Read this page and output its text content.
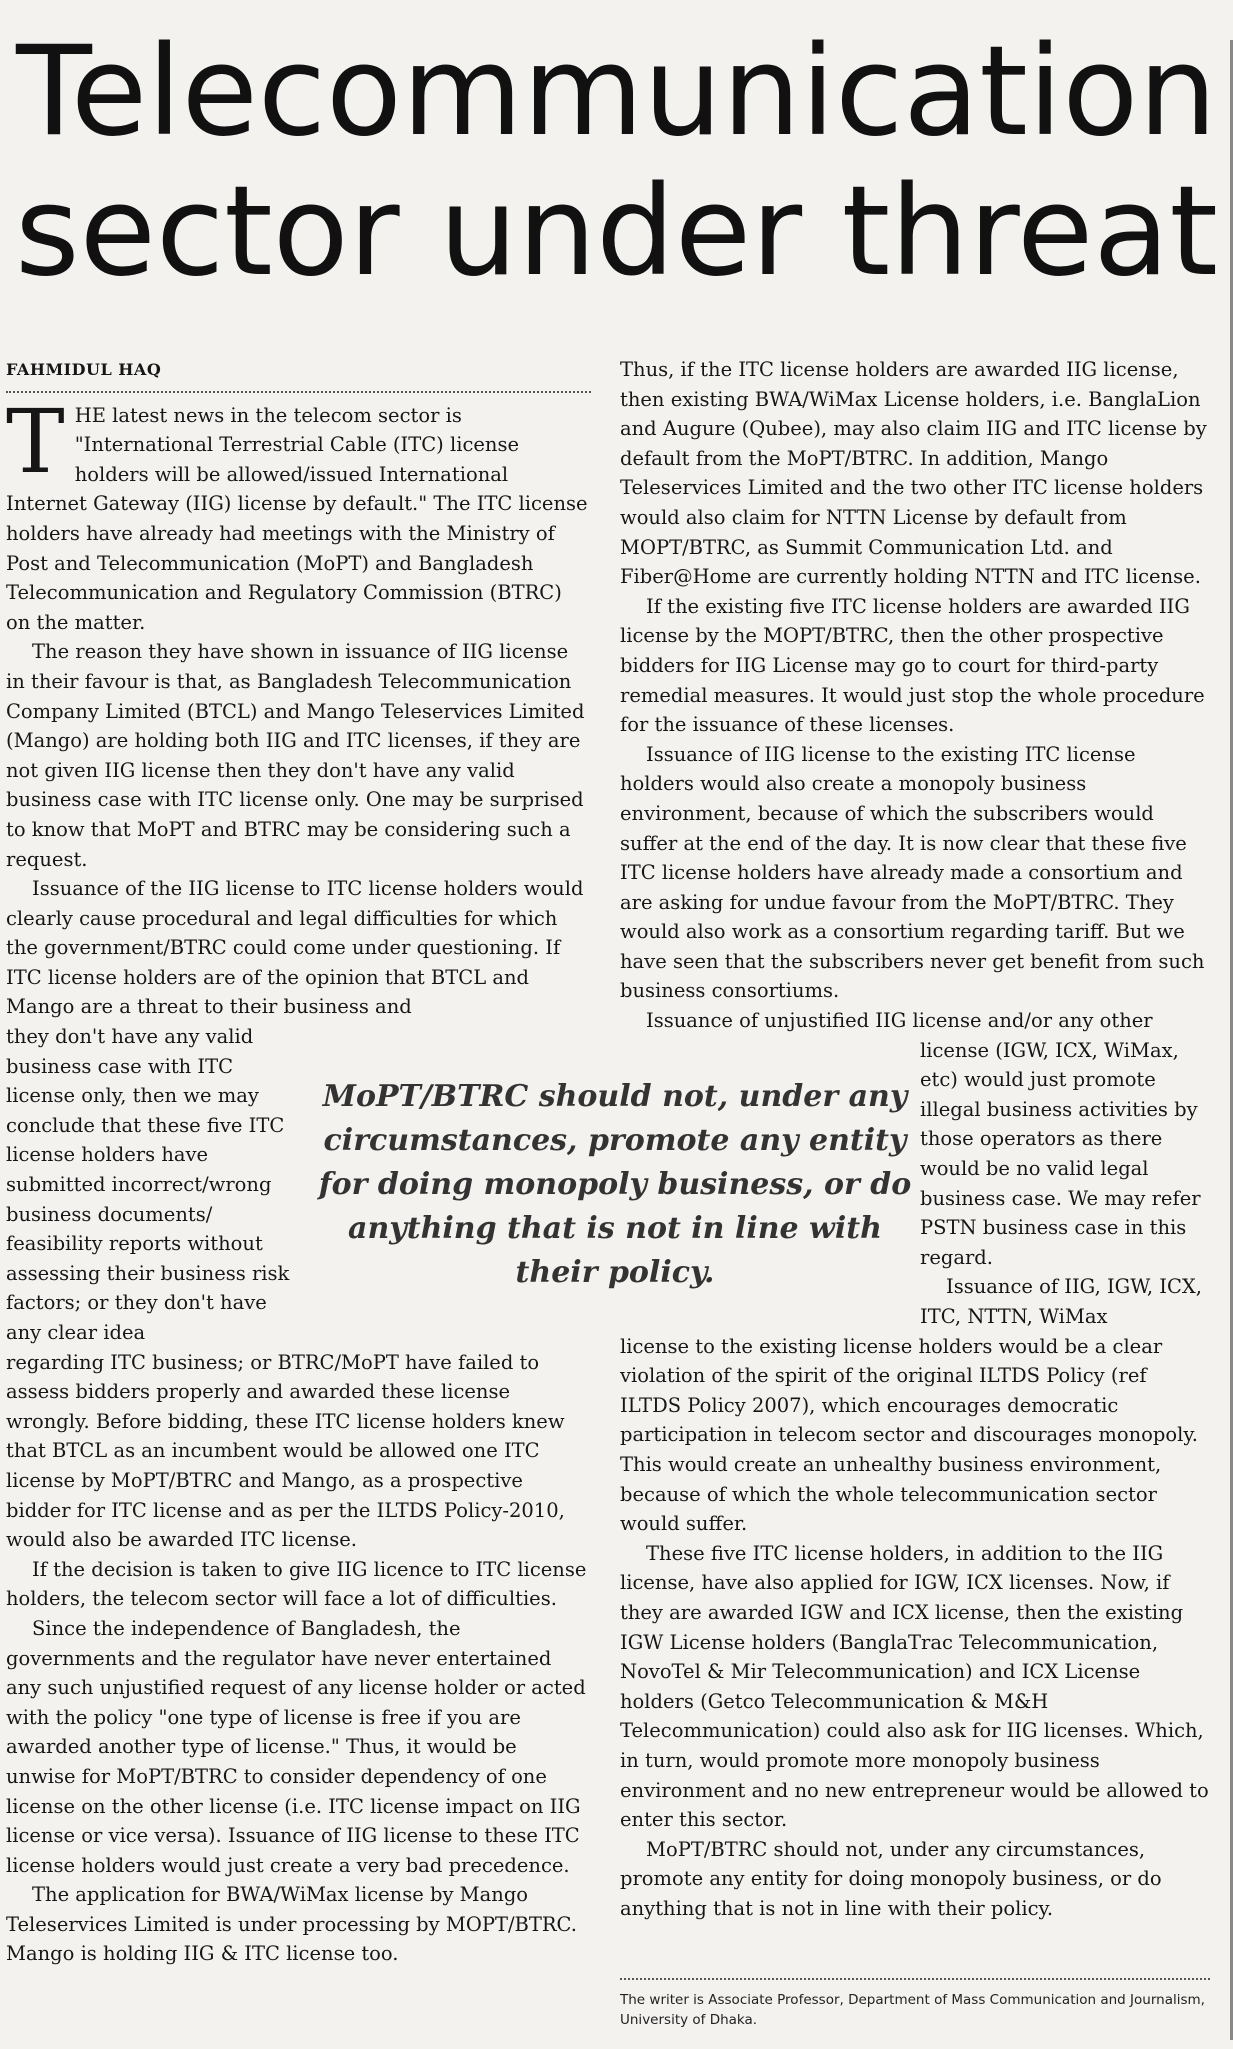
Telecommunication
sector under threat
FAHMIDUL HAQ

THE latest news in the telecom sector is "International Terrestrial Cable (ITC) license holders will be allowed/issued International Internet Gateway (IIG) license by default." The ITC license holders have already had meetings with the Ministry of Post and Telecommunication (MoPT) and Bangladesh Telecommunication and Regulatory Commission (BTRC) on the matter.

The reason they have shown in issuance of IIG license in their favour is that, as Bangladesh Telecommunication Company Limited (BTCL) and Mango Teleservices Limited (Mango) are holding both IIG and ITC licenses, if they are not given IIG license then they don't have any valid business case with ITC license only. One may be surprised to know that MoPT and BTRC may be considering such a request.

Issuance of the IIG license to ITC license holders would clearly cause procedural and legal difficulties for which the government/BTRC could come under questioning. If ITC license holders are of the opinion that BTCL and Mango are a threat to their business and

they don't have any valid business case with ITC license only, then we may conclude that these five ITC license holders have submitted incorrect/wrong business documents/ feasibility reports without assessing their business risk factors; or they don't have any clear idea

regarding ITC business; or BTRC/MoPT have failed to assess bidders properly and awarded these license wrongly. Before bidding, these ITC license holders knew that BTCL as an incumbent would be allowed one ITC license by MoPT/BTRC and Mango, as a prospective bidder for ITC license and as per the ILTDS Policy-2010, would also be awarded ITC license.

If the decision is taken to give IIG licence to ITC license holders, the telecom sector will face a lot of difficulties.

Since the independence of Bangladesh, the governments and the regulator have never entertained any such unjustified request of any license holder or acted with the policy "one type of license is free if you are awarded another type of license." Thus, it would be unwise for MoPT/BTRC to consider dependency of one license on the other license (i.e. ITC license impact on IIG license or vice versa). Issuance of IIG license to these ITC license holders would just create a very bad precedence.

The application for BWA/WiMax license by Mango Teleservices Limited is under processing by MOPT/BTRC. Mango is holding IIG & ITC license too.

Thus, if the ITC license holders are awarded IIG license, then existing BWA/WiMax License holders, i.e. BanglaLion and Augure (Qubee), may also claim IIG and ITC license by default from the MoPT/BTRC. In addition, Mango Teleservices Limited and the two other ITC license holders would also claim for NTTN License by default from MOPT/BTRC, as Summit Communication Ltd. and Fiber@Home are currently holding NTTN and ITC license.

If the existing five ITC license holders are awarded IIG license by the MOPT/BTRC, then the other prospective bidders for IIG License may go to court for third-party remedial measures. It would just stop the whole procedure for the issuance of these licenses.

Issuance of IIG license to the existing ITC license holders would also create a monopoly business environment, because of which the subscribers would suffer at the end of the day. It is now clear that these five ITC license holders have already made a consortium and are asking for undue favour from the MoPT/BTRC. They would also work as a consortium regarding tariff. But we have seen that the subscribers never get benefit from such business consortiums.

Issuance of unjustified IIG license and/or any other

license (IGW, ICX, WiMax, etc) would just promote illegal business activities by those operators as there would be no valid legal business case. We may refer PSTN business case in this regard.

Issuance of IIG, IGW, ICX, ITC, NTTN, WiMax

license to the existing license holders would be a clear violation of the spirit of the original ILTDS Policy (ref ILTDS Policy 2007), which encourages democratic participation in telecom sector and discourages monopoly. This would create an unhealthy business environment, because of which the whole telecommunication sector would suffer.

These five ITC license holders, in addition to the IIG license, have also applied for IGW, ICX licenses. Now, if they are awarded IGW and ICX license, then the existing IGW License holders (BanglaTrac Telecommunication, NovoTel & Mir Telecommunication) and ICX License holders (Getco Telecommunication & M&H Telecommunication) could also ask for IIG licenses. Which, in turn, would promote more monopoly business environment and no new entrepreneur would be allowed to enter this sector.

MoPT/BTRC should not, under any circumstances, promote any entity for doing monopoly business, or do anything that is not in line with their policy.

MoPT/BTRC should not, under any circumstances, promote any entity for doing monopoly business, or do anything that is not in line with their policy.
The writer is Associate Professor, Department of Mass Communication and Journalism, University of Dhaka.
